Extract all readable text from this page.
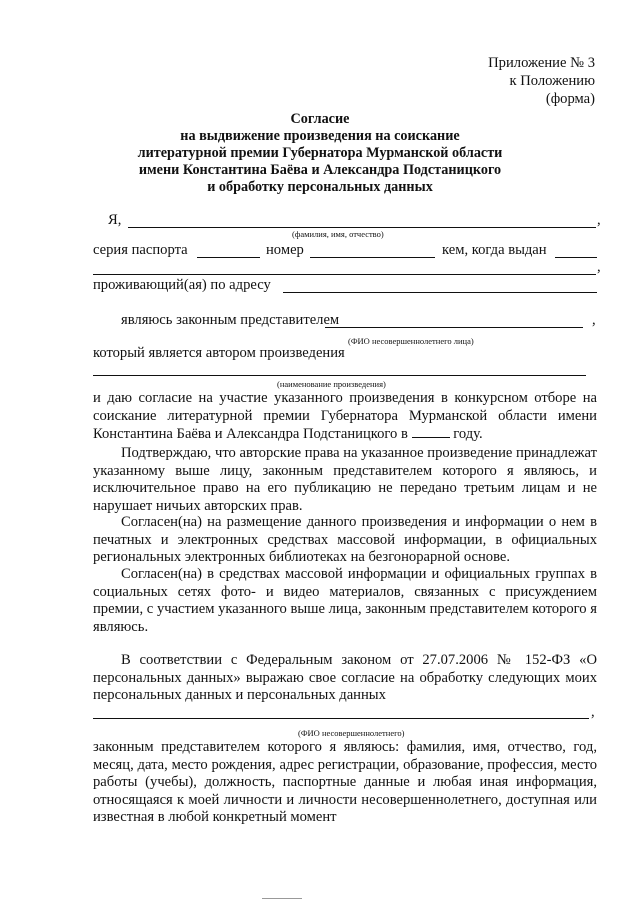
Приложение № 3
к Положению
(форма)
Согласие
на выдвижение произведения на соискание
литературной премии Губернатора Мурманской области
имени Константина Баёва и Александра Подстаницкого
и обработку персональных данных
Я,	,
(фамилия, имя, отчество)
серия паспорта	номер	кем, когда выдан
,
проживающий(ая) по адресу
являюсь законным представителем	,
(ФИО несовершеннолетнего лица)
который является автором произведения
(наименование произведения)

и даю согласие на участие указанного произведения в конкурсном отборе на

соискание литературной премии Губернатора Мурманской области имени

Константина Баёва и Александра Подстаницкого в	году.

Подтверждаю, что авторские права на указанное произведение принадлежат указанному выше лицу, законным представителем которого я являюсь, и исключительное право на его публикацию не передано третьим лицам и не нарушает ничьих авторских прав.
Согласен(на) на размещение данного произведения и информации о нем в печатных и электронных средствах массовой информации, в официальных региональных электронных библиотеках на безгонорарной основе.
Согласен(на) в средствах массовой информации и официальных группах в социальных сетях фото- и видео материалов, связанных с присуждением премии, с участием указанного выше лица, законным представителем которого я являюсь.
В соответствии с Федеральным законом от 27.07.2006 № 152-ФЗ «О персональных данных» выражаю свое согласие на обработку следующих моих персональных данных и персональных данных
,
(ФИО несовершеннолетнего)
законным представителем которого я являюсь: фамилия, имя, отчество, год, месяц, дата, место рождения, адрес регистрации, образование, профессия, место работы (учебы), должность, паспортные данные и любая иная информация, относящаяся к моей личности и личности несовершеннолетнего, доступная или известная в любой конкретный момент
